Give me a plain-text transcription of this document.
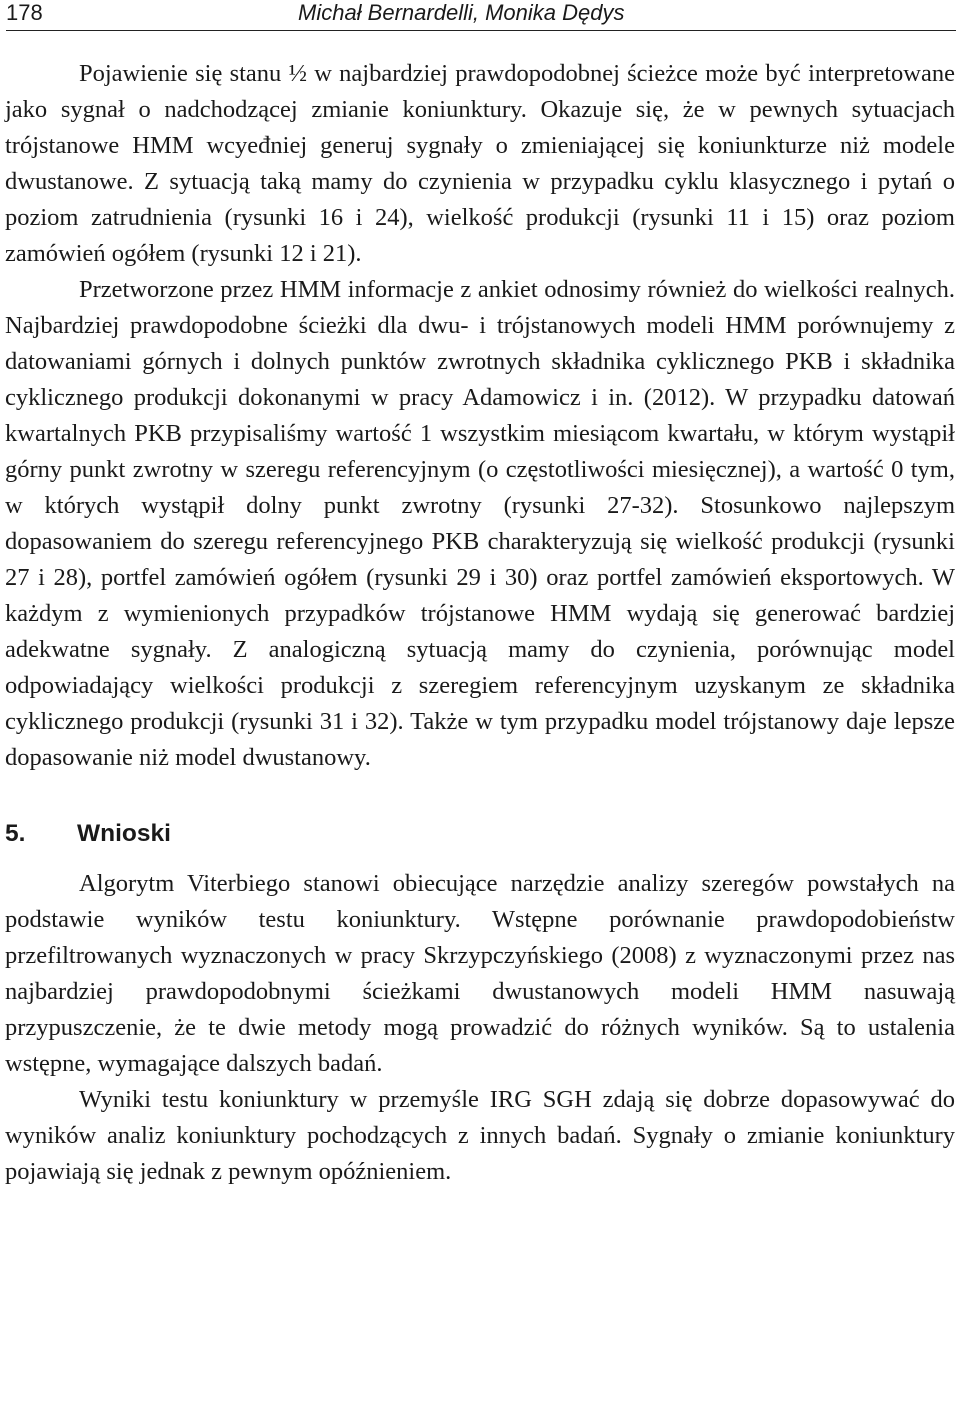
178	Michał Bernardelli, Monika Dędys

Pojawienie się stanu ½ w najbardziej prawdopodobnej ścieżce może być interpretowane jako sygnał o nadchodzącej zmianie koniunktury. Okazuje się, że w pewnych sytuacjach trójstanowe HMM wcyeđniej generuj sygnały o zmieniającej się koniunkturze niż modele dwustanowe. Z sytuacją taką mamy do czynienia w przypadku cyklu klasycznego i pytań o poziom zatrudnienia (rysunki 16 i 24), wielkość produkcji (rysunki 11 i 15) oraz poziom zamówień ogółem (rysunki 12 i 21).

Przetworzone przez HMM informacje z ankiet odnosimy również do wielkości realnych. Najbardziej prawdopodobne ścieżki dla dwu- i trójstanowych modeli HMM porównujemy z datowaniami górnych i dolnych punktów zwrotnych składnika cyklicznego PKB i składnika cyklicznego produkcji dokonanymi w pracy Adamowicz i in. (2012). W przypadku datowań kwartalnych PKB przypisaliśmy wartość 1 wszystkim miesiącom kwartału, w którym wystąpił górny punkt zwrotny w szeregu referencyjnym (o częstotliwości miesięcznej), a wartość 0 tym, w których wystąpił dolny punkt zwrotny (rysunki 27-32). Stosunkowo najlepszym dopasowaniem do szeregu referencyjnego PKB charakteryzują się wielkość produkcji (rysunki 27 i 28), portfel zamówień ogółem (rysunki 29 i 30) oraz portfel zamówień eksportowych. W każdym z wymienionych przypadków trójstanowe HMM wydają się generować bardziej adekwatne sygnały. Z analogiczną sytuacją mamy do czynienia, porównując model odpowiadający wielkości produkcji z szeregiem referencyjnym uzyskanym ze składnika cyklicznego produkcji (rysunki 31 i 32). Także w tym przypadku model trójstanowy daje lepsze dopasowanie niż model dwustanowy.

5. Wnioski

Algorytm Viterbiego stanowi obiecujące narzędzie analizy szeregów powstałych na podstawie wyników testu koniunktury. Wstępne porównanie prawdopodobieństw przefiltrowanych wyznaczonych w pracy Skrzypczyńskiego (2008) z wyznaczonymi przez nas najbardziej prawdopodobnymi ścieżkami dwustanowych modeli HMM nasuwają przypuszczenie, że te dwie metody mogą prowadzić do różnych wyników. Są to ustalenia wstępne, wymagające dalszych badań.

Wyniki testu koniunktury w przemyśle IRG SGH zdają się dobrze dopasowywać do wyników analiz koniunktury pochodzących z innych badań. Sygnały o zmianie koniunktury pojawiają się jednak z pewnym opóźnieniem.
